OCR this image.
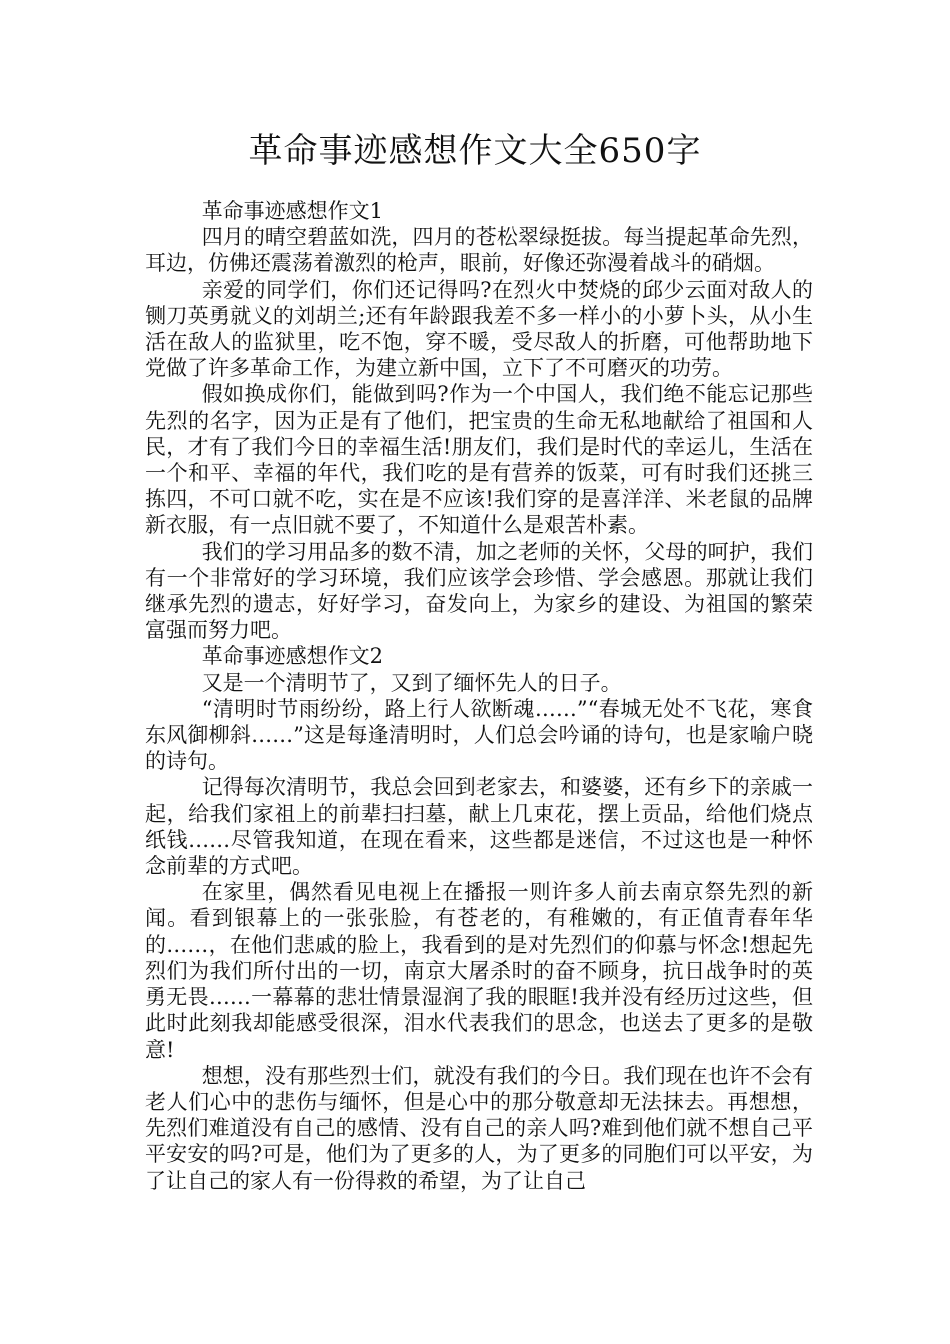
革命事迹感想作文大全650字

革命事迹感想作文1

四月的晴空碧蓝如洗，四月的苍松翠绿挺拔。每当提起革命先烈，耳边，仿佛还震荡着激烈的枪声，眼前，好像还弥漫着战斗的硝烟。

亲爱的同学们，你们还记得吗?在烈火中焚烧的邱少云面对敌人的铡刀英勇就义的刘胡兰;还有年龄跟我差不多一样小的小萝卜头，从小生活在敌人的监狱里，吃不饱，穿不暖，受尽敌人的折磨，可他帮助地下党做了许多革命工作，为建立新中国，立下了不可磨灭的功劳。

假如换成你们，能做到吗?作为一个中国人，我们绝不能忘记那些先烈的名字，因为正是有了他们，把宝贵的生命无私地献给了祖国和人民，才有了我们今日的幸福生活!朋友们，我们是时代的幸运儿，生活在一个和平、幸福的年代，我们吃的是有营养的饭菜，可有时我们还挑三拣四，不可口就不吃，实在是不应该!我们穿的是喜洋洋、米老鼠的品牌新衣服，有一点旧就不要了，不知道什么是艰苦朴素。

我们的学习用品多的数不清，加之老师的关怀，父母的呵护，我们有一个非常好的学习环境，我们应该学会珍惜、学会感恩。那就让我们继承先烈的遗志，好好学习，奋发向上，为家乡的建设、为祖国的繁荣富强而努力吧。

革命事迹感想作文2

又是一个清明节了，又到了缅怀先人的日子。

“清明时节雨纷纷，路上行人欲断魂……”“春城无处不飞花，寒食东风御柳斜……”这是每逢清明时，人们总会吟诵的诗句，也是家喻户晓的诗句。

记得每次清明节，我总会回到老家去，和婆婆，还有乡下的亲戚一起，给我们家祖上的前辈扫扫墓，献上几束花，摆上贡品，给他们烧点纸钱……尽管我知道，在现在看来，这些都是迷信，不过这也是一种怀念前辈的方式吧。

在家里，偶然看见电视上在播报一则许多人前去南京祭先烈的新闻。看到银幕上的一张张脸，有苍老的，有稚嫩的，有正值青春年华的……，在他们悲戚的脸上，我看到的是对先烈们的仰慕与怀念!想起先烈们为我们所付出的一切，南京大屠杀时的奋不顾身，抗日战争时的英勇无畏……一幕幕的悲壮情景湿润了我的眼眶!我并没有经历过这些，但此时此刻我却能感受很深，泪水代表我们的思念，也送去了更多的是敬意!

想想，没有那些烈士们，就没有我们的今日。我们现在也许不会有老人们心中的悲伤与缅怀，但是心中的那分敬意却无法抹去。再想想，先烈们难道没有自己的感情、没有自己的亲人吗?难到他们就不想自己平平安安的吗?可是，他们为了更多的人，为了更多的同胞们可以平安，为了让自己的家人有一份得救的希望，为了让自己
